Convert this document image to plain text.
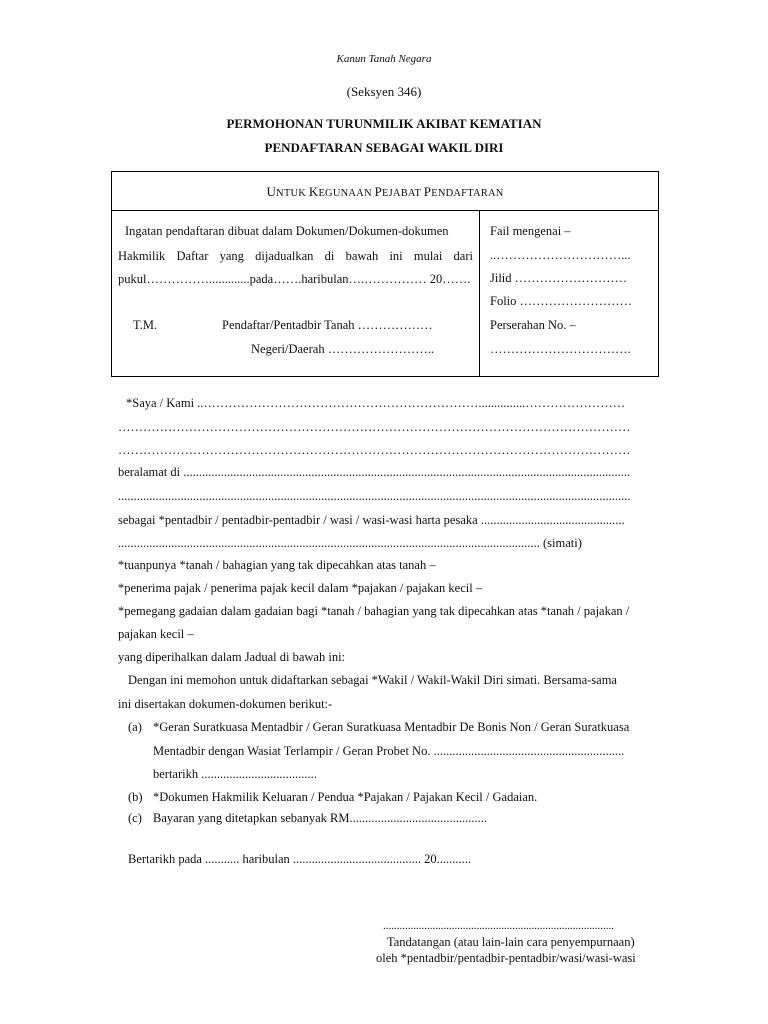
Kanun Tanah Negara
(Seksyen 346)
PERMOHONAN TURUNMILIK AKIBAT KEMATIAN
PENDAFTARAN SEBAGAI WAKIL DIRI
UNTUK KEGUNAAN PEJABAT PENDAFTARAN
Ingatan pendaftaran dibuat dalam Dokumen/Dokumen-dokumen
Hakmilik Daftar yang dijadualkan di bawah ini mulai dari
pukul…………….............pada…….haribulan….…………… 20…….
T.M.	Pendaftar/Pentadbir Tanah ………………
Negeri/Daerah ……………………..
Fail mengenai –
..…………………………...
Jilid ………………………
Folio ………………………
Perserahan No. –
…………………………….
*Saya / Kami ..…………………………………………………………...............……………………
……………………………………………………………………………………………………………
……………………………………………………………………………………………………………
beralamat di ...............................................................................................................................................
....................................................................................................................................................................
sebagai *pentadbir / pentadbir-pentadbir / wasi / wasi-wasi harta pesaka ..............................................
....................................................................................................................................... (simati)
*tuanpunya *tanah / bahagian yang tak dipecahkan atas tanah –
*penerima pajak / penerima pajak kecil dalam *pajakan / pajakan kecil –
*pemegang gadaian dalam gadaian bagi *tanah / bahagian yang tak dipecahkan atas *tanah / pajakan /
pajakan kecil –
yang diperihalkan dalam Jadual di bawah ini:
Dengan ini memohon untuk didaftarkan sebagai *Wakil / Wakil-Wakil Diri simati. Bersama-sama
ini disertakan dokumen-dokumen berikut:-
(a) *Geran Suratkuasa Mentadbir / Geran Suratkuasa Mentadbir De Bonis Non / Geran Suratkuasa
Mentadbir dengan Wasiat Terlampir / Geran Probet No. .............................................................
bertarikh .....................................
(b) *Dokumen Hakmilik Keluaran / Pendua *Pajakan / Pajakan Kecil / Gadaian.
(c) Bayaran yang ditetapkan sebanyak RM............................................
Bertarikh pada ........... haribulan ......................................... 20...........
....................................................................................
Tandatangan (atau lain-lain cara penyempurnaan)
oleh *pentadbir/pentadbir-pentadbir/wasi/wasi-wasi
